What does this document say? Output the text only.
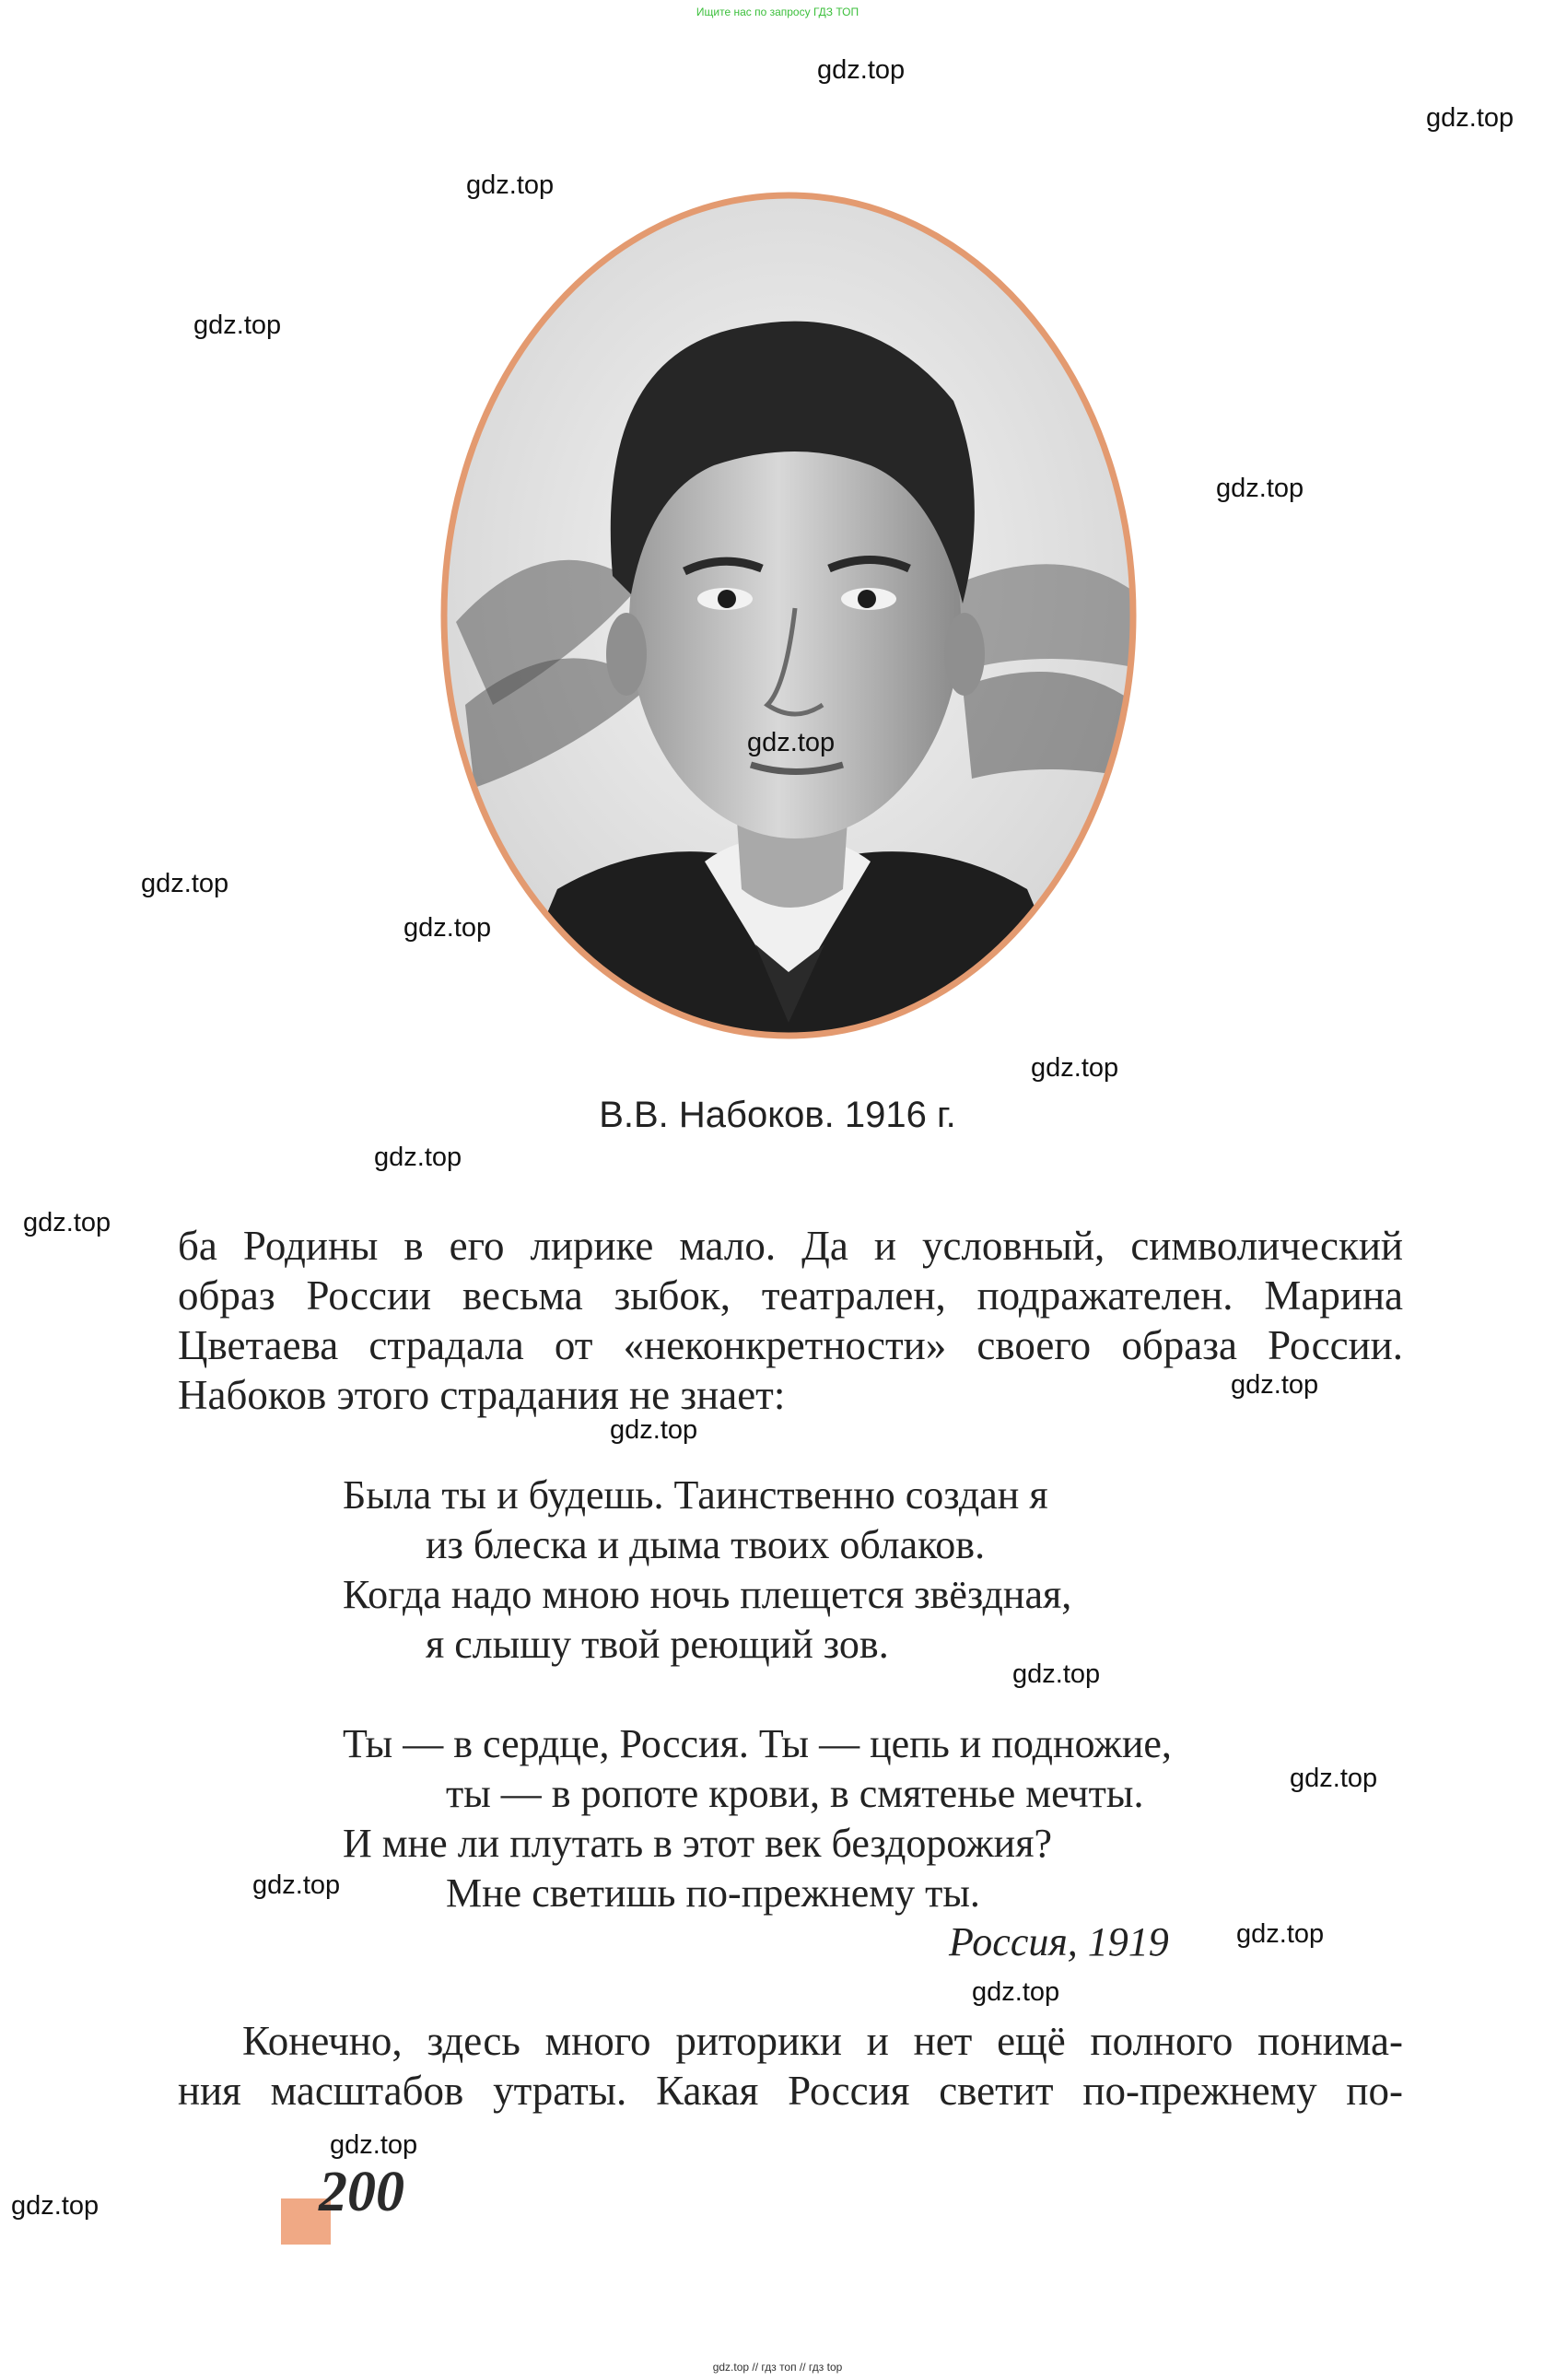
Ищите нас по запросу ГДЗ ТОП
gdz.top // гдз топ // гдз top
В.В. Набоков. 1916 г.
ба Родины в его лирике мало. Да и условный, символический
образ России весьма зыбок, театрален, подражателен. Марина
Цветаева страдала от «неконкретности» своего образа России.
Набоков этого страдания не знает:
Была ты и будешь. Таинственно создан я
из блеска и дыма твоих облаков.
Когда надо мною ночь плещется звёздная,
я слышу твой реющий зов.
Ты — в сердце, Россия. Ты — цепь и подножие,
ты — в ропоте крови, в смятенье мечты.
И мне ли плутать в этот век бездорожия?
Мне светишь по-прежнему ты.
Россия, 1919
Конечно, здесь много риторики и нет ещё полного понима-
ния масштабов утраты. Какая Россия светит по-прежнему по-
200
gdz.top
gdz.top
gdz.top
gdz.top
gdz.top
gdz.top
gdz.top
gdz.top
gdz.top
gdz.top
gdz.top
gdz.top
gdz.top
gdz.top
gdz.top
gdz.top
gdz.top
gdz.top
gdz.top
gdz.top
